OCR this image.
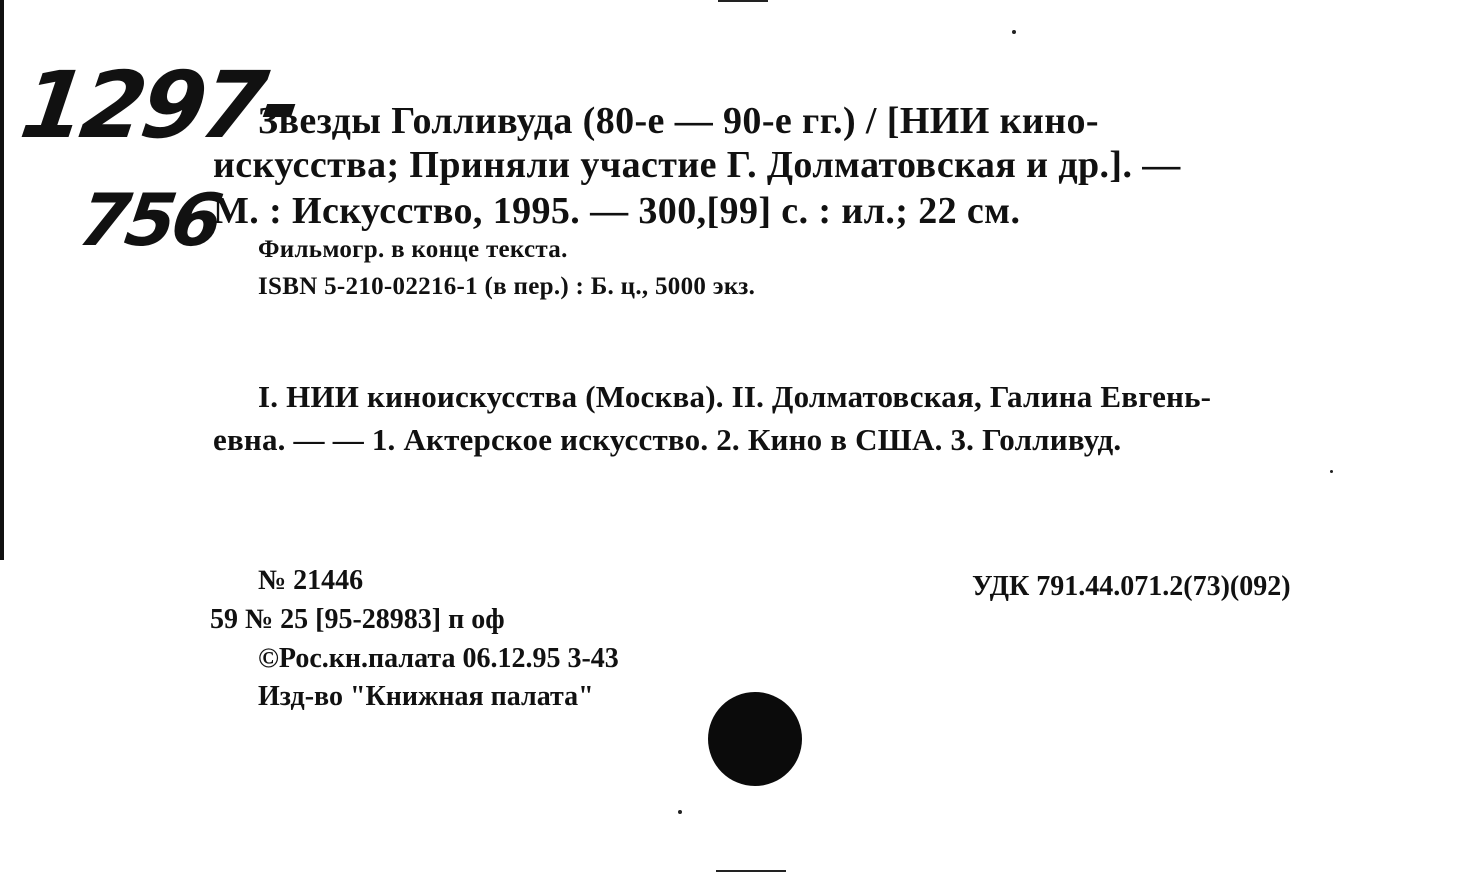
1297-
756
Звезды Голливуда (80-е — 90-е гг.) / [НИИ кино-
искусства; Приняли участие Г. Долматовская и др.]. —
М. : Искусство, 1995. — 300,[99] с. : ил.; 22 см.
Фильмогр. в конце текста.
ISBN 5-210-02216-1 (в пер.) : Б. ц., 5000 экз.
I. НИИ киноискусства (Москва). II. Долматовская, Галина Евгень-
евна. — — 1. Актерское искусство. 2. Кино в США. 3. Голливуд.
№ 21446
59 № 25 [95-28983] п оф
©Рос.кн.палата 06.12.95 3-43
Изд-во "Книжная палата"
УДК 791.44.071.2(73)(092)
